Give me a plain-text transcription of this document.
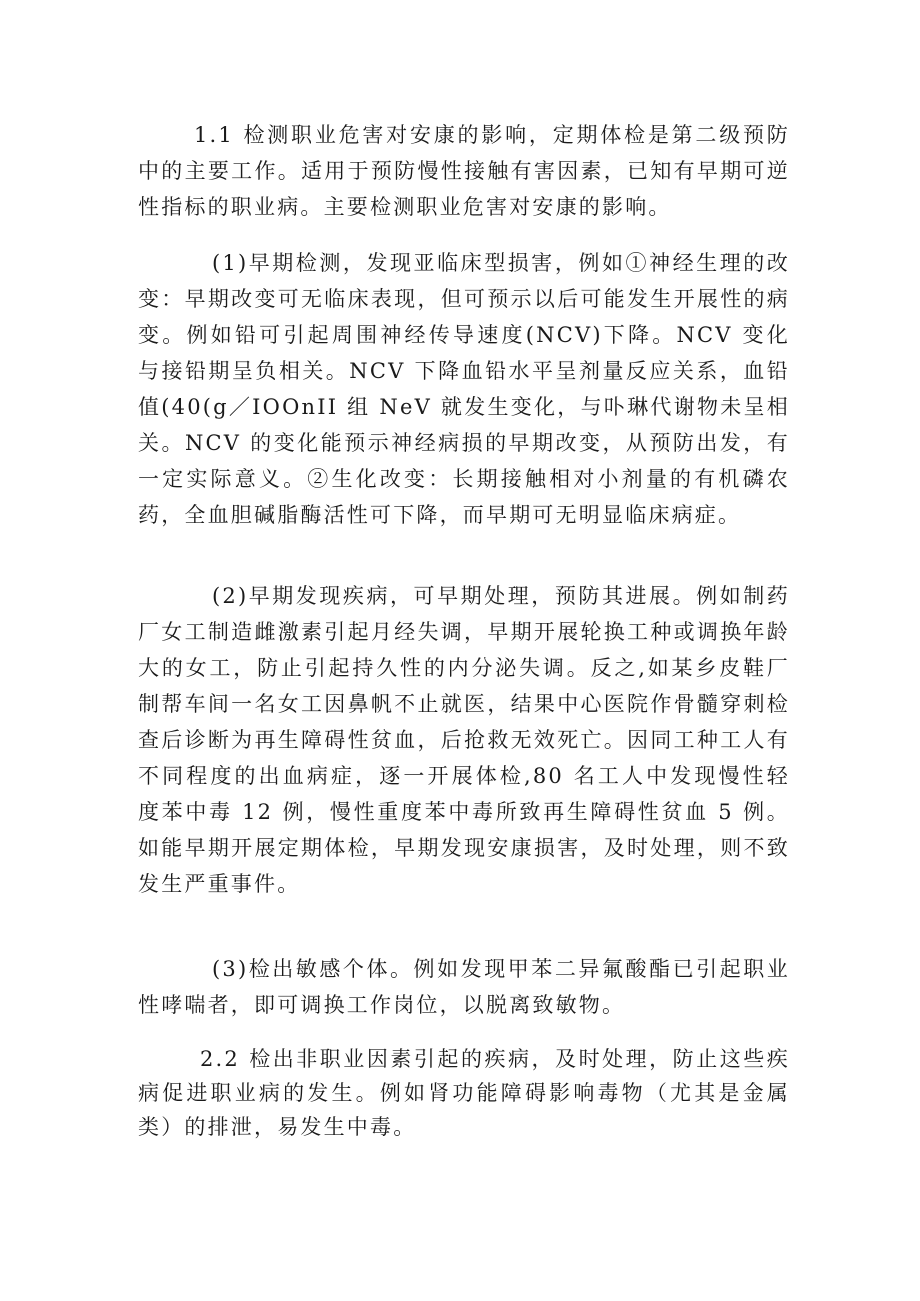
1.1 检测职业危害对安康的影响，定期体检是第二级预防中的主要工作。适用于预防慢性接触有害因素，已知有早期可逆性指标的职业病。主要检测职业危害对安康的影响。

(1)早期检测，发现亚临床型损害，例如①神经生理的改变：早期改变可无临床表现，但可预示以后可能发生开展性的病变。例如铅可引起周围神经传导速度(NCV)下降。NCV 变化与接铅期呈负相关。NCV 下降血铅水平呈剂量反应关系，血铅值(40(g／IOOnII 组 NeV 就发生变化，与卟琳代谢物未呈相关。NCV 的变化能预示神经病损的早期改变，从预防出发，有一定实际意义。②生化改变：长期接触相对小剂量的有机磷农药，全血胆碱脂酶活性可下降，而早期可无明显临床病症。

(2)早期发现疾病，可早期处理，预防其进展。例如制药厂女工制造雌激素引起月经失调，早期开展轮换工种或调换年龄大的女工，防止引起持久性的内分泌失调。反之,如某乡皮鞋厂制帮车间一名女工因鼻帆不止就医，结果中心医院作骨髓穿刺检查后诊断为再生障碍性贫血，后抢救无效死亡。因同工种工人有不同程度的出血病症，逐一开展体检,80 名工人中发现慢性轻度苯中毒 12 例，慢性重度苯中毒所致再生障碍性贫血 5 例。如能早期开展定期体检，早期发现安康损害，及时处理，则不致发生严重事件。

(3)检出敏感个体。例如发现甲苯二异氟酸酯已引起职业性哮喘者，即可调换工作岗位，以脱离致敏物。

2.2 检出非职业因素引起的疾病，及时处理，防止这些疾病促进职业病的发生。例如肾功能障碍影响毒物（尤其是金属类）的排泄，易发生中毒。
